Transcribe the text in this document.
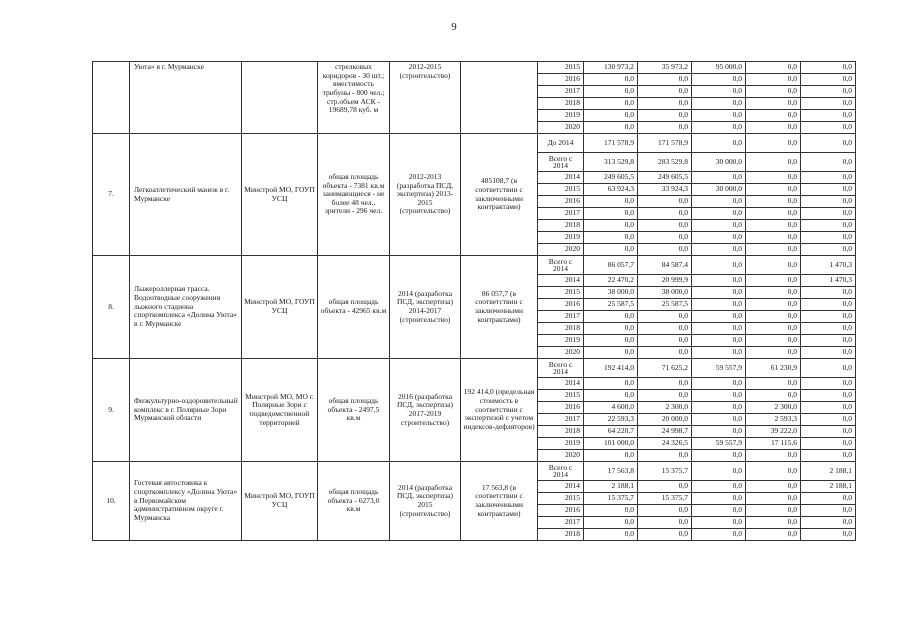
9
	Уюта» в г. Мурманске		стрелковых коридоров - 30 шт.; вместимость трибуны - 800 чел.; стр.объем АСК - 19689,78 куб. м	2012-2015 (строительство)		2015	130 973,2	35 973,2	95 000,0	0,0	0,0
						2016	0,0	0,0	0,0	0,0	0,0
						2017	0,0	0,0	0,0	0,0	0,0
						2018	0,0	0,0	0,0	0,0	0,0
						2019	0,0	0,0	0,0	0,0	0,0
						2020	0,0	0,0	0,0	0,0	0,0
7.	Легкоатлетический манеж в г. Мурманске	Минстрой МО, ГОУП УСЦ	общая площадь объекта - 7381 кв.м занимающиеся - не более 48 чел., зрители - 296 чел.	2012-2013 (разработка ПСД, экспертиза) 2013-2015 (строительство)	485108,7 (в соответствии с заключенными контрактами)	До 2014	171 578,9	171 578,9	0,0	0,0	0,0
						Всего с 2014	313 529,8	283 529,8	30 000,0	0,0	0,0
						2014	249 605,5	249 605,5	0,0	0,0	0,0
						2015	63 924,3	33 924,3	30 000,0	0,0	0,0
						2016	0,0	0,0	0,0	0,0	0,0
						2017	0,0	0,0	0,0	0,0	0,0
						2018	0,0	0,0	0,0	0,0	0,0
						2019	0,0	0,0	0,0	0,0	0,0
						2020	0,0	0,0	0,0	0,0	0,0
8.	Лыжероллерная трасса. Водоотводные сооружения лыжного стадиона спорткомплекса «Долина Уюта» в г. Мурманске	Минстрой МО, ГОУП УСЦ	общая площадь объекта - 42965 кв.м	2014 (разработка ПСД, экспертиза) 2014-2017 (строительство)	86 057,7 (в соответствии с заключенными контрактами)	Всего с 2014	86 057,7	84 587,4	0,0	0,0	1 470,3
						2014	22 470,2	20 999,9	0,0	0,0	1 470,3
						2015	38 000,0	38 000,0	0,0	0,0	0,0
						2016	25 587,5	25 587,5	0,0	0,0	0,0
						2017	0,0	0,0	0,0	0,0	0,0
						2018	0,0	0,0	0,0	0,0	0,0
						2019	0,0	0,0	0,0	0,0	0,0
						2020	0,0	0,0	0,0	0,0	0,0
9.	Физкультурно-оздоровительный комплекс в г. Полярные Зори Мурманской области	Минстрой МО, МО г. Полярные Зори с подведомственной территорией	общая площадь объекта - 2497,5 кв.м	2016 (разработка ПСД, экспертиза) 2017-2019 строительство)	192 414,0 (предельная стоимость в соответствии с экспертизой с учетом индексов-дефляторов)	Всего с 2014	192 414,0	71 625,2	59 557,9	61 230,9	0,0
						2014	0,0	0,0	0,0	0,0	0,0
						2015	0,0	0,0	0,0	0,0	0,0
						2016	4 600,0	2 300,0	0,0	2 300,0	0,0
						2017	22 593,3	20 000,0	0,0	2 593,3	0,0
						2018	64 220,7	24 998,7	0,0	39 222,0	0,0
						2019	101 000,0	24 326,5	59 557,9	17 115,6	0,0
						2020	0,0	0,0	0,0	0,0	0,0
10.	Гостевая автостоянка к спорткомплексу «Долина Уюта» в Первомайском административном округе г. Мурманска	Минстрой МО, ГОУП УСЦ	общая площадь объекта - 6273,0 кв.м	2014 (разработка ПСД, экспертиза) 2015 (строительство)	17 563,8 (в соответствии с заключенными контрактами)	Всего с 2014	17 563,8	15 375,7	0,0	0,0	2 188,1
						2014	2 188,1	0,0	0,0	0,0	2 188,1
						2015	15 375,7	15 375,7	0,0	0,0	0,0
						2016	0,0	0,0	0,0	0,0	0,0
						2017	0,0	0,0	0,0	0,0	0,0
						2018	0,0	0,0	0,0	0,0	0,0
